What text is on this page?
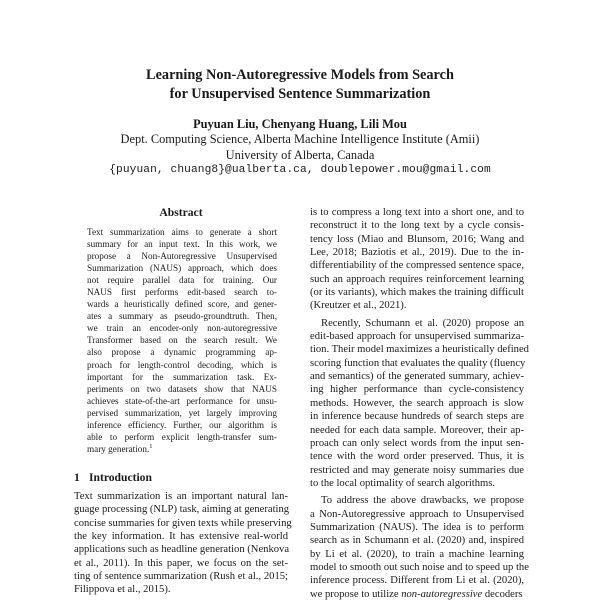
Learning Non-Autoregressive Models from Search
for Unsupervised Sentence Summarization
Puyuan Liu, Chenyang Huang, Lili Mou
Dept. Computing Science, Alberta Machine Intelligence Institute (Amii)
University of Alberta, Canada
{puyuan, chuang8}@ualberta.ca, doublepower.mou@gmail.com
Abstract
Text summarization aims to generate a short
summary for an input text. In this work, we
propose a Non-Autoregressive Unsupervised
Summarization (NAUS) approach, which does
not require parallel data for training. Our
NAUS first performs edit-based search to-
wards a heuristically defined score, and gener-
ates a summary as pseudo-groundtruth. Then,
we train an encoder-only non-autoregressive
Transformer based on the search result. We
also propose a dynamic programming ap-
proach for length-control decoding, which is
important for the summarization task. Ex-
periments on two datasets show that NAUS
achieves state-of-the-art performance for unsu-
pervised summarization, yet largely improving
inference efficiency. Further, our algorithm is
able to perform explicit length-transfer sum-
mary generation.$^1$
1 Introduction
Text summarization is an important natural lan-
guage processing (NLP) task, aiming at generating
concise summaries for given texts while preserving
the key information. It has extensive real-world
applications such as headline generation (Nenkova
et al., 2011). In this paper, we focus on the set-
ting of sentence summarization (Rush et al., 2015;
Filippova et al., 2015).
is to compress a long text into a short one, and to
reconstruct it to the long text by a cycle consis-
tency loss (Miao and Blunsom, 2016; Wang and
Lee, 2018; Baziotis et al., 2019). Due to the in-
differentiability of the compressed sentence space,
such an approach requires reinforcement learning
(or its variants), which makes the training difficult
(Kreutzer et al., 2021).
Recently, Schumann et al. (2020) propose an
edit-based approach for unsupervised summariza-
tion. Their model maximizes a heuristically defined
scoring function that evaluates the quality (fluency
and semantics) of the generated summary, achiev-
ing higher performance than cycle-consistency
methods. However, the search approach is slow
in inference because hundreds of search steps are
needed for each data sample. Moreover, their ap-
proach can only select words from the input sen-
tence with the word order preserved. Thus, it is
restricted and may generate noisy summaries due
to the local optimality of search algorithms.
To address the above drawbacks, we propose
a Non-Autoregressive approach to Unsupervised
Summarization (NAUS). The idea is to perform
search as in Schumann et al. (2020) and, inspired
by Li et al. (2020), to train a machine learning
model to smooth out such noise and to speed up the
inference process. Different from Li et al. (2020),
we propose to utilize non-autoregressive decoders
